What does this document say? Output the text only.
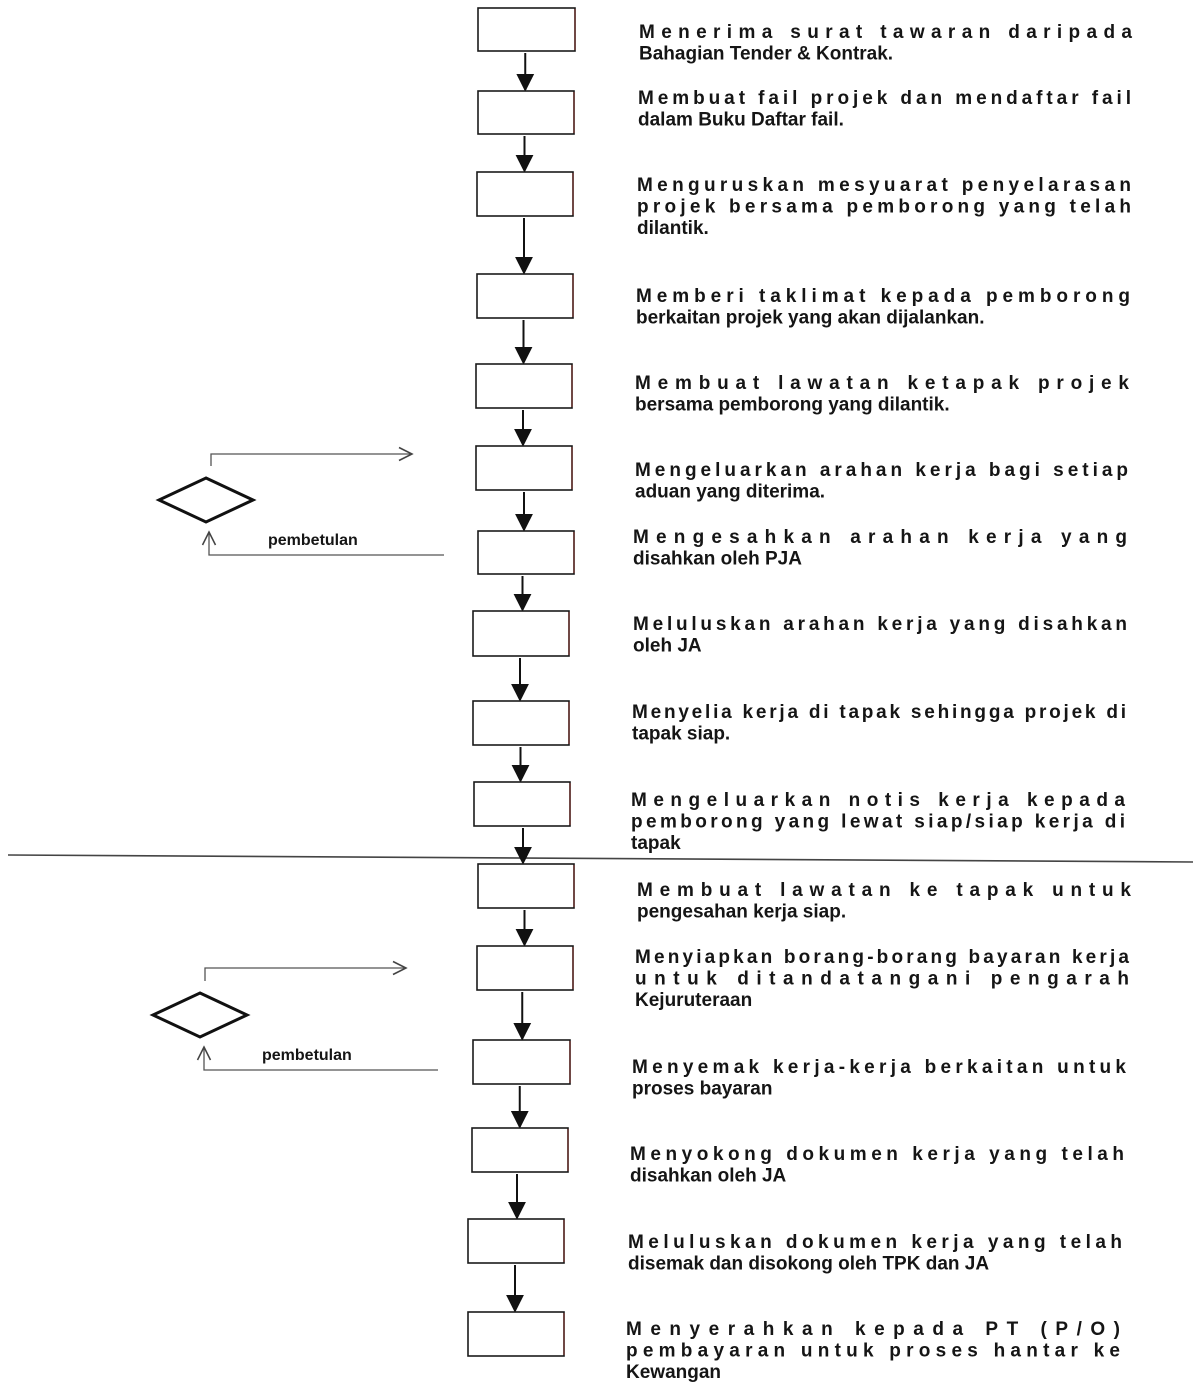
Menerima surat tawaran daripada
Bahagian Tender & Kontrak.
Membuat fail projek dan mendaftar fail
dalam Buku Daftar fail.
Menguruskan mesyuarat penyelarasan
projek bersama pemborong yang telah
dilantik.
Memberi taklimat kepada pemborong
berkaitan projek yang akan dijalankan.
Membuat lawatan ketapak projek
bersama pemborong yang dilantik.
Mengeluarkan arahan kerja bagi setiap
aduan yang diterima.
Mengesahkan arahan kerja yang
disahkan oleh PJA
Meluluskan arahan kerja yang disahkan
oleh JA
Menyelia kerja di tapak sehingga projek di
tapak siap.
Mengeluarkan notis kerja kepada
pemborong yang lewat siap/siap kerja di
tapak
Membuat lawatan ke tapak untuk
pengesahan kerja siap.
Menyiapkan borang-borang bayaran kerja
untuk ditandatangani pengarah
Kejuruteraan
Menyemak kerja-kerja berkaitan untuk
proses bayaran
Menyokong dokumen kerja yang telah
disahkan oleh JA
Meluluskan dokumen kerja yang telah
disemak dan disokong oleh TPK dan JA
Menyerahkan kepada PT (P/O)
pembayaran untuk proses hantar ke
Kewangan
pembetulan
pembetulan
